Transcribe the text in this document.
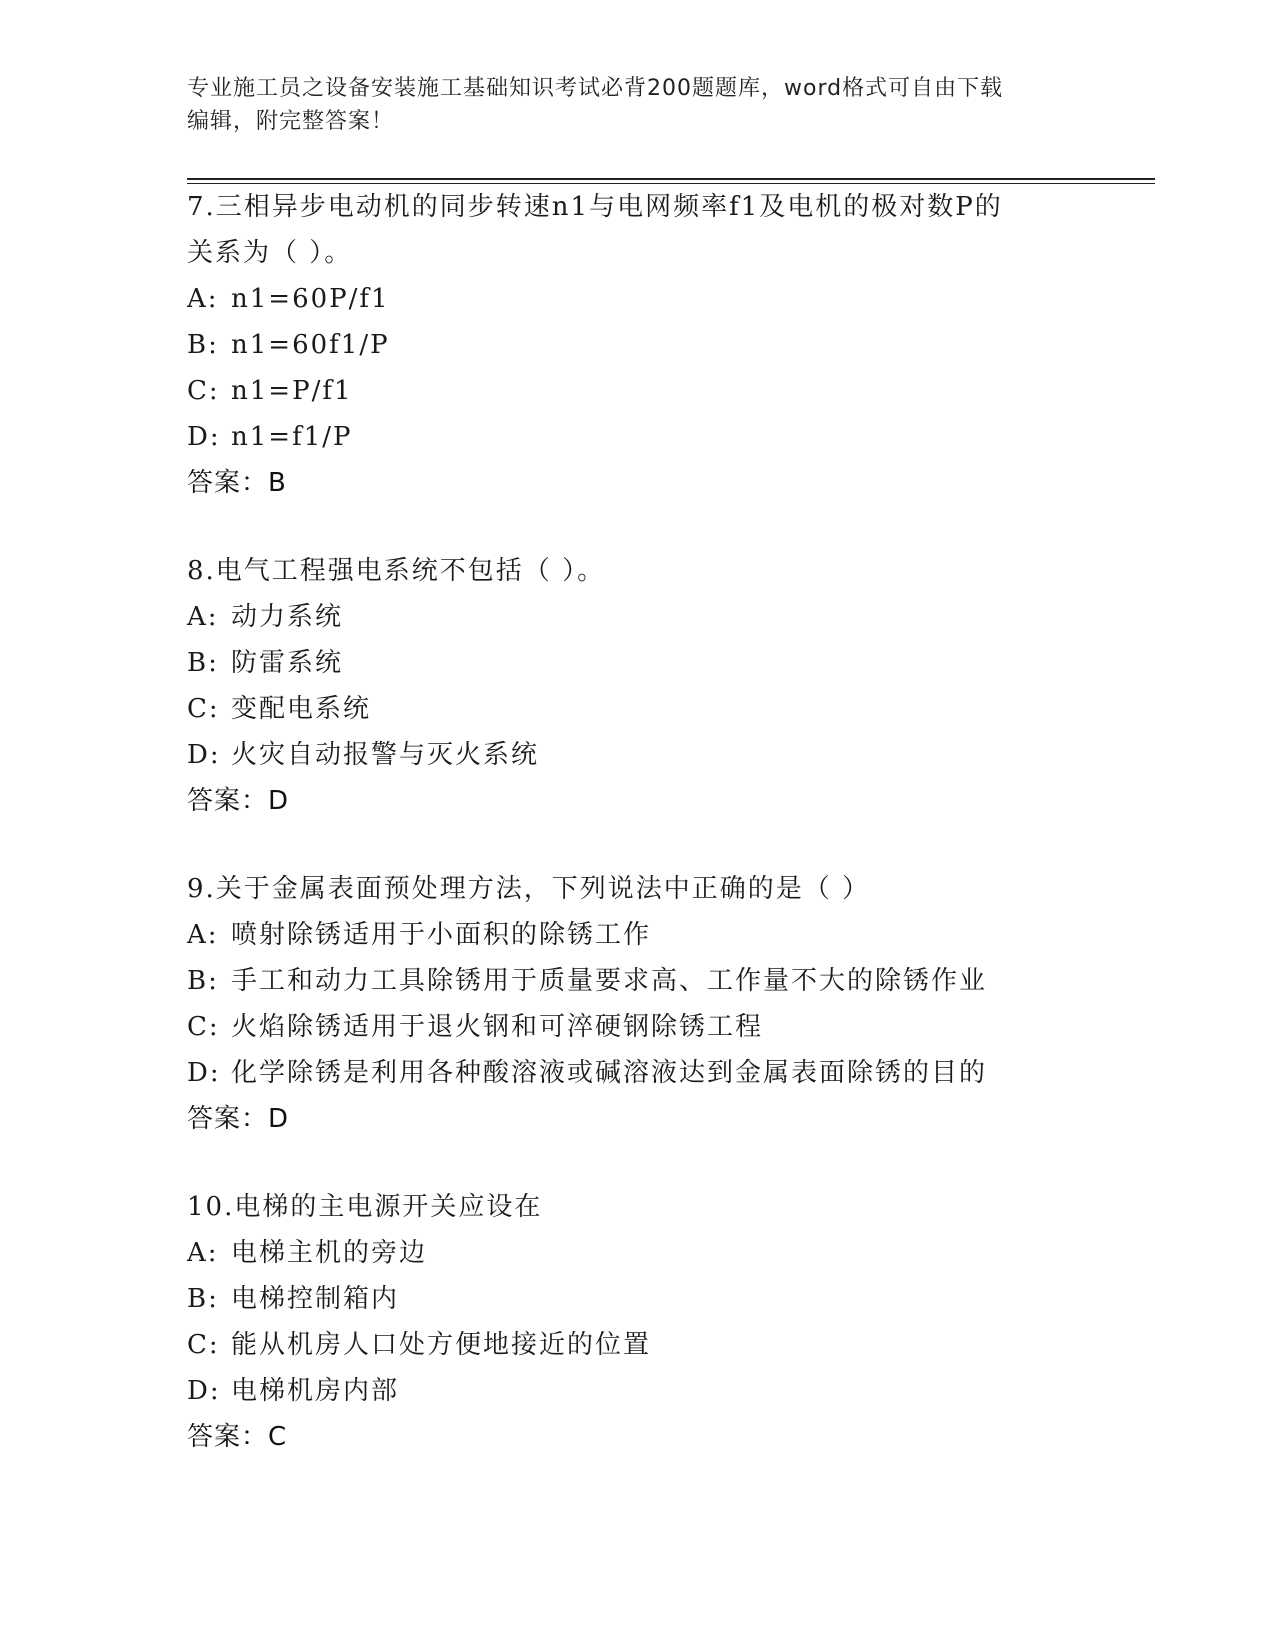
专业施工员之设备安装施工基础知识考试必背200题题库，word格式可自由下载
编辑，附完整答案！
7.三相异步电动机的同步转速n1与电网频率f1及电机的极对数P的
关系为（ ）。
A: n1=60P/f1
B: n1=60f1/P
C: n1=P/f1
D: n1=f1/P
答案：B
8.电气工程强电系统不包括（ ）。
A: 动力系统
B: 防雷系统
C: 变配电系统
D: 火灾自动报警与灭火系统
答案：D
9.关于金属表面预处理方法，下列说法中正确的是（ ）
A: 喷射除锈适用于小面积的除锈工作
B: 手工和动力工具除锈用于质量要求高、工作量不大的除锈作业
C: 火焰除锈适用于退火钢和可淬硬钢除锈工程
D: 化学除锈是利用各种酸溶液或碱溶液达到金属表面除锈的目的
答案：D
10.电梯的主电源开关应设在
A: 电梯主机的旁边
B: 电梯控制箱内
C: 能从机房人口处方便地接近的位置
D: 电梯机房内部
答案：C
